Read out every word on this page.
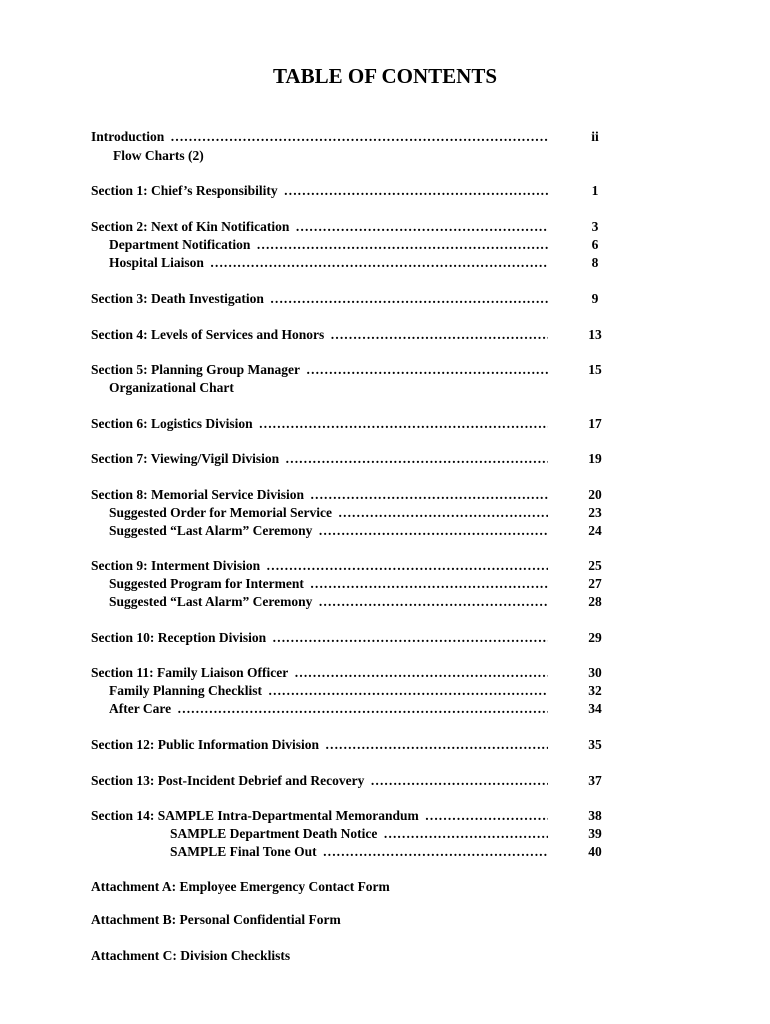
TABLE OF CONTENTS
Introduction ……………………………………………………………………………………………………………………………………	ii
Flow Charts (2)
Section 1: Chief’s Responsibility ……………………………………………………………………………………………………………………………………	1
Section 2: Next of Kin Notification ……………………………………………………………………………………………………………………………………	3
Department Notification ……………………………………………………………………………………………………………………………………	6
Hospital Liaison ……………………………………………………………………………………………………………………………………	8
Section 3: Death Investigation ……………………………………………………………………………………………………………………………………	9
Section 4: Levels of Services and Honors ……………………………………………………………………………………………………………………………………	13
Section 5: Planning Group Manager ……………………………………………………………………………………………………………………………………	15
Organizational Chart
Section 6: Logistics Division ……………………………………………………………………………………………………………………………………	17
Section 7: Viewing/Vigil Division ……………………………………………………………………………………………………………………………………	19
Section 8: Memorial Service Division ……………………………………………………………………………………………………………………………………	20
Suggested Order for Memorial Service ……………………………………………………………………………………………………………………………………	23
Suggested “Last Alarm” Ceremony ……………………………………………………………………………………………………………………………………	24
Section 9: Interment Division ……………………………………………………………………………………………………………………………………	25
Suggested Program for Interment ……………………………………………………………………………………………………………………………………	27
Suggested “Last Alarm” Ceremony ……………………………………………………………………………………………………………………………………	28
Section 10: Reception Division ……………………………………………………………………………………………………………………………………	29
Section 11: Family Liaison Officer ……………………………………………………………………………………………………………………………………	30
Family Planning Checklist ……………………………………………………………………………………………………………………………………	32
After Care ……………………………………………………………………………………………………………………………………	34
Section 12: Public Information Division ……………………………………………………………………………………………………………………………………	35
Section 13: Post-Incident Debrief and Recovery ……………………………………………………………………………………………………………………………………	37
Section 14: SAMPLE Intra-Departmental Memorandum ……………………………………………………………………………………………………………………………………	38
SAMPLE Department Death Notice ……………………………………………………………………………………………………………………………………	39
SAMPLE Final Tone Out ……………………………………………………………………………………………………………………………………	40
Attachment A: Employee Emergency Contact Form
Attachment B: Personal Confidential Form
Attachment C: Division Checklists
